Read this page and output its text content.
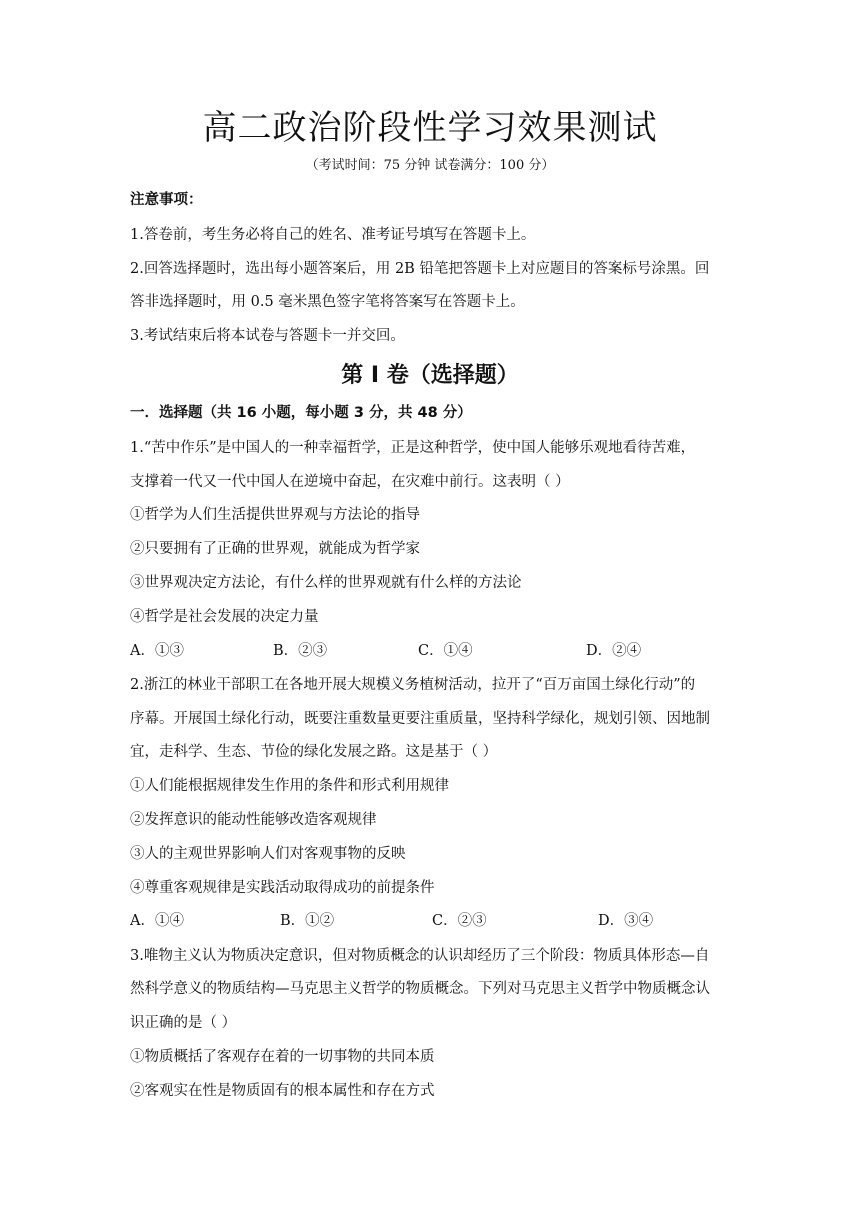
高二政治阶段性学习效果测试
（考试时间：75 分钟 试卷满分：100 分）
注意事项：
1.答卷前，考生务必将自己的姓名、准考证号填写在答题卡上。
2.回答选择题时，选出每小题答案后，用 2B 铅笔把答题卡上对应题目的答案标号涂黑。回
答非选择题时，用 0.5 毫米黑色签字笔将答案写在答题卡上。
3.考试结束后将本试卷与答题卡一并交回。
第 I 卷（选择题）
一．选择题（共 16 小题，每小题 3 分，共 48 分）
1.“苦中作乐”是中国人的一种幸福哲学，正是这种哲学，使中国人能够乐观地看待苦难，
支撑着一代又一代中国人在逆境中奋起，在灾难中前行。这表明（ ）
①哲学为人们生活提供世界观与方法论的指导
②只要拥有了正确的世界观，就能成为哲学家
③世界观决定方法论，有什么样的世界观就有什么样的方法论
④哲学是社会发展的决定力量
A．①③	B．②③	C．①④	D．②④
2.浙江的林业干部职工在各地开展大规模义务植树活动，拉开了“百万亩国土绿化行动”的
序幕。开展国土绿化行动，既要注重数量更要注重质量，坚持科学绿化，规划引领、因地制
宜，走科学、生态、节俭的绿化发展之路。这是基于（ ）
①人们能根据规律发生作用的条件和形式利用规律
②发挥意识的能动性能够改造客观规律
③人的主观世界影响人们对客观事物的反映
④尊重客观规律是实践活动取得成功的前提条件
A．①④	B．①②	C．②③	D．③④
3.唯物主义认为物质决定意识，但对物质概念的认识却经历了三个阶段：物质具体形态—自
然科学意义的物质结构—马克思主义哲学的物质概念。下列对马克思主义哲学中物质概念认
识正确的是（ ）
①物质概括了客观存在着的一切事物的共同本质
②客观实在性是物质固有的根本属性和存在方式
